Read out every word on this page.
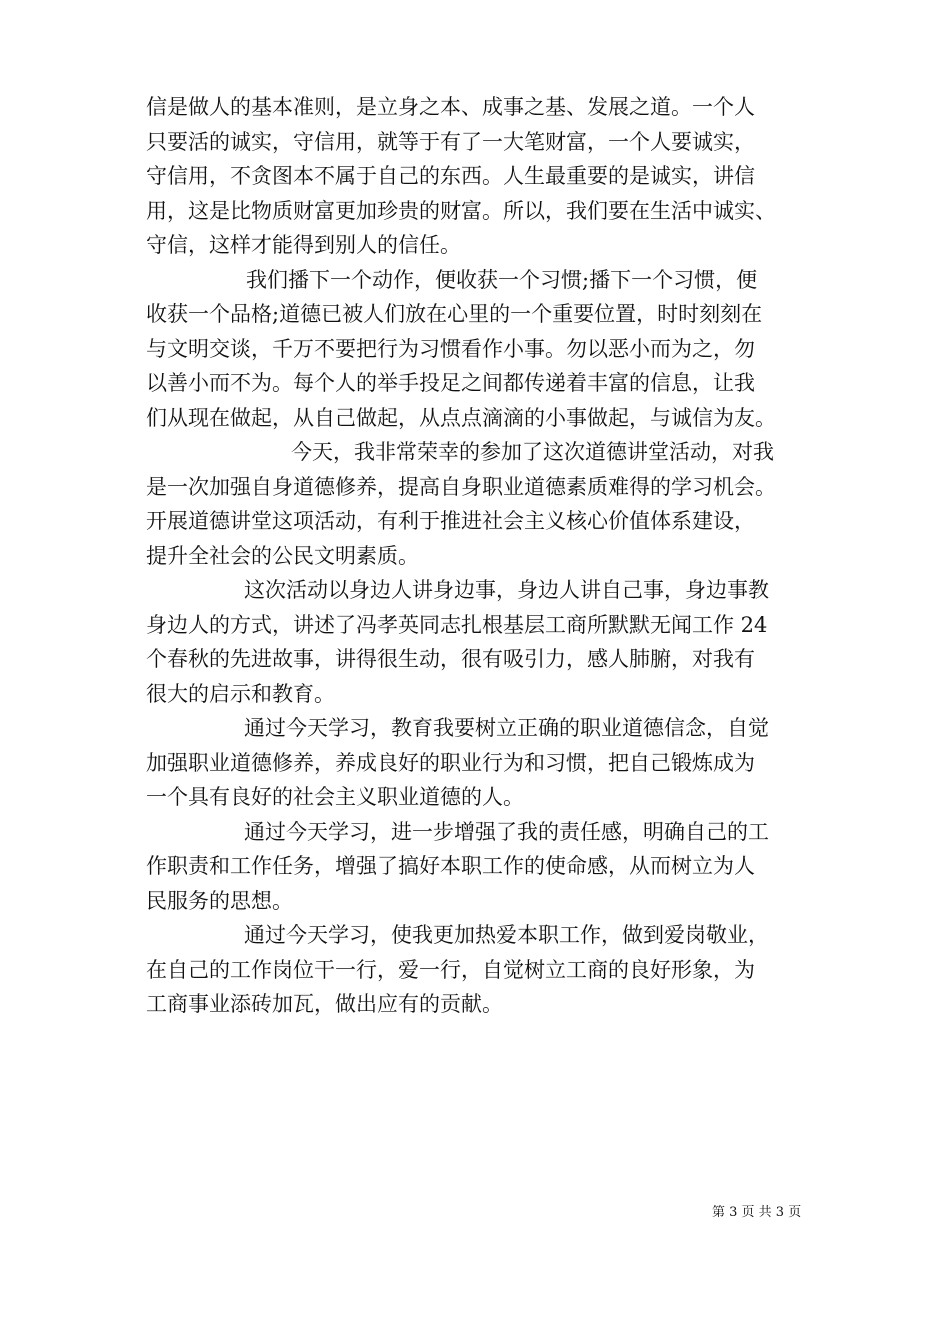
信是做人的基本准则，是立身之本、成事之基、发展之道。一个人
只要活的诚实，守信用，就等于有了一大笔财富，一个人要诚实，
守信用，不贪图本不属于自己的东西。人生最重要的是诚实，讲信
用，这是比物质财富更加珍贵的财富。所以，我们要在生活中诚实、
守信，这样才能得到别人的信任。
我们播下一个动作，便收获一个习惯;播下一个习惯，便
收获一个品格;道德已被人们放在心里的一个重要位置，时时刻刻在
与文明交谈，千万不要把行为习惯看作小事。勿以恶小而为之，勿
以善小而不为。每个人的举手投足之间都传递着丰富的信息，让我
们从现在做起，从自己做起，从点点滴滴的小事做起，与诚信为友。
今天，我非常荣幸的参加了这次道德讲堂活动，对我
是一次加强自身道德修养，提高自身职业道德素质难得的学习机会。
开展道德讲堂这项活动，有利于推进社会主义核心价值体系建设，
提升全社会的公民文明素质。
这次活动以身边人讲身边事，身边人讲自己事，身边事教
身边人的方式，讲述了冯孝英同志扎根基层工商所默默无闻工作 24
个春秋的先进故事，讲得很生动，很有吸引力，感人肺腑，对我有
很大的启示和教育。
通过今天学习，教育我要树立正确的职业道德信念，自觉
加强职业道德修养，养成良好的职业行为和习惯，把自己锻炼成为
一个具有良好的社会主义职业道德的人。
通过今天学习，进一步增强了我的责任感，明确自己的工
作职责和工作任务，增强了搞好本职工作的使命感，从而树立为人
民服务的思想。
通过今天学习，使我更加热爱本职工作，做到爱岗敬业，
在自己的工作岗位干一行，爱一行，自觉树立工商的良好形象，为
工商事业添砖加瓦，做出应有的贡献。
第 3 页 共 3 页
